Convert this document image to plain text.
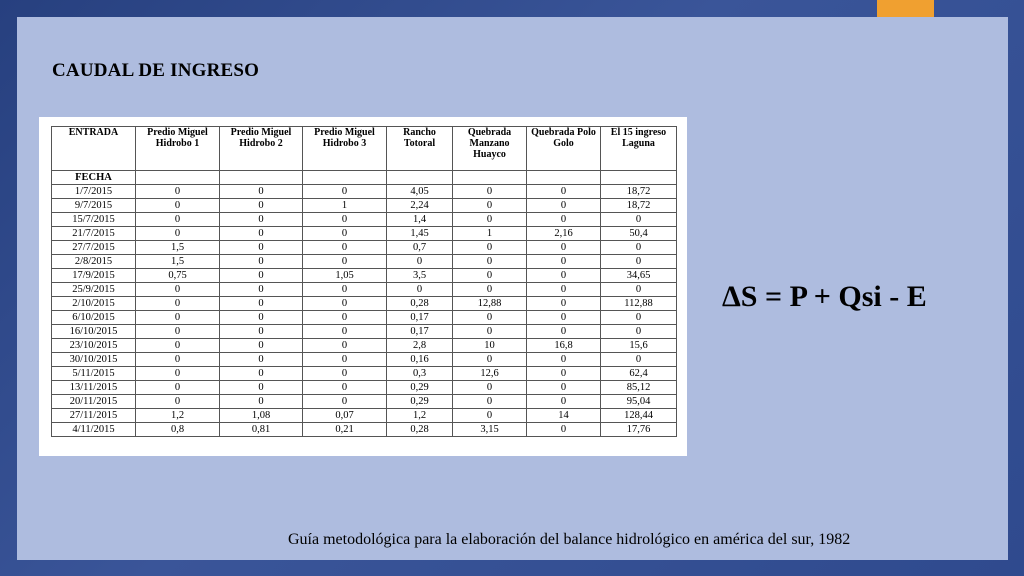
CAUDAL DE INGRESO
ENTRADA	Predio Miguel Hidrobo 1	Predio Miguel Hidrobo 2	Predio Miguel Hidrobo 3	Rancho Totoral	Quebrada Manzano Huayco	Quebrada Polo Golo	El 15 ingreso Laguna
FECHA							
1/7/2015	0	0	0	4,05	0	0	18,72
9/7/2015	0	0	1	2,24	0	0	18,72
15/7/2015	0	0	0	1,4	0	0	0
21/7/2015	0	0	0	1,45	1	2,16	50,4
27/7/2015	1,5	0	0	0,7	0	0	0
2/8/2015	1,5	0	0	0	0	0	0
17/9/2015	0,75	0	1,05	3,5	0	0	34,65
25/9/2015	0	0	0	0	0	0	0
2/10/2015	0	0	0	0,28	12,88	0	112,88
6/10/2015	0	0	0	0,17	0	0	0
16/10/2015	0	0	0	0,17	0	0	0
23/10/2015	0	0	0	2,8	10	16,8	15,6
30/10/2015	0	0	0	0,16	0	0	0
5/11/2015	0	0	0	0,3	12,6	0	62,4
13/11/2015	0	0	0	0,29	0	0	85,12
20/11/2015	0	0	0	0,29	0	0	95,04
27/11/2015	1,2	1,08	0,07	1,2	0	14	128,44
4/11/2015	0,8	0,81	0,21	0,28	3,15	0	17,76
ΔS = P + Qsi - E
Guía metodológica para la elaboración del balance hidrológico en américa del sur, 1982
